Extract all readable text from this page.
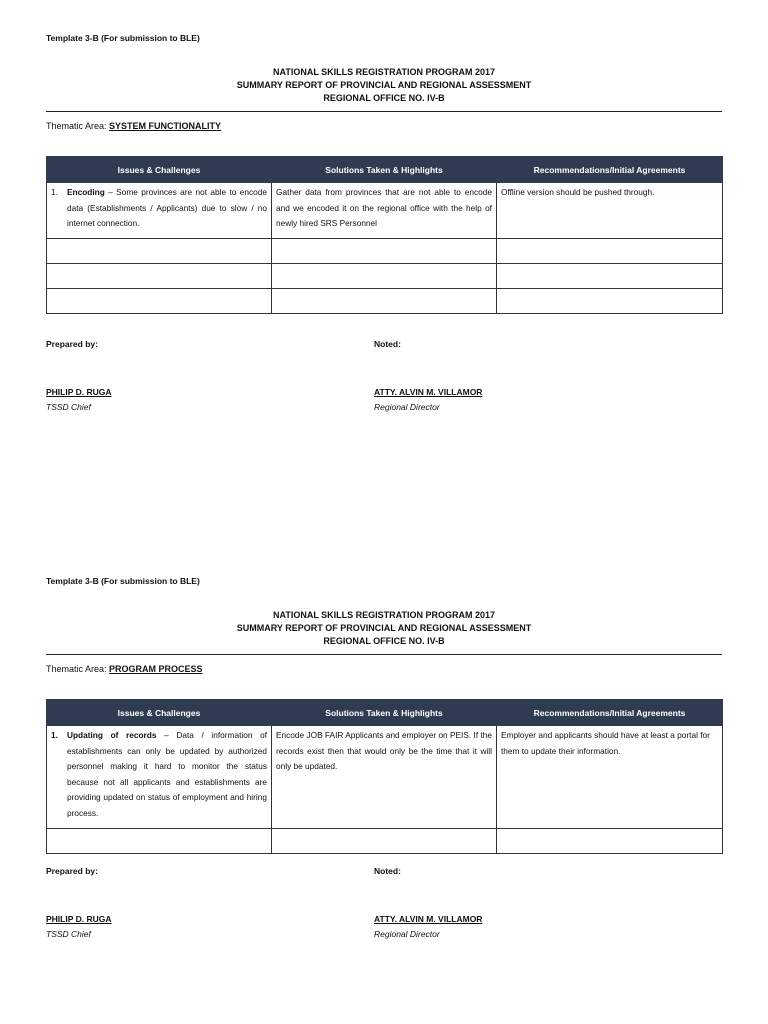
Template 3-B (For submission to BLE)
NATIONAL SKILLS REGISTRATION PROGRAM 2017
SUMMARY REPORT OF PROVINCIAL AND REGIONAL ASSESSMENT
REGIONAL OFFICE NO. IV-B
Thematic Area: SYSTEM FUNCTIONALITY
Issues & Challenges	Solutions Taken & Highlights	Recommendations/Initial Agreements

1. Encoding – Some provinces are not able to encode data (Establishments / Applicants) due to slow / no internet connection.	Gather data from provinces that are not able to encode and we encoded it on the regional office with the help of newly hired SRS Personnel	Offline version should be pushed through.

Prepared by:	Noted:
PHILIP D. RUGA
TSSD Chief
ATTY. ALVIN M. VILLAMOR
Regional Director
Template 3-B (For submission to BLE)
NATIONAL SKILLS REGISTRATION PROGRAM 2017
SUMMARY REPORT OF PROVINCIAL AND REGIONAL ASSESSMENT
REGIONAL OFFICE NO. IV-B
Thematic Area: PROGRAM PROCESS
Issues & Challenges	Solutions Taken & Highlights	Recommendations/Initial Agreements

1. Updating of records – Data / information of establishments can only be updated by authorized personnel making it hard to monitor the status because not all applicants and establishments are providing updated on status of employment and hiring process.	Encode JOB FAIR Applicants and employer on PEIS. If the records exist then that would only be the time that it will only be updated.	Employer and applicants should have at least a portal for them to update their information.

Prepared by:	Noted:
PHILIP D. RUGA
TSSD Chief
ATTY. ALVIN M. VILLAMOR
Regional Director
